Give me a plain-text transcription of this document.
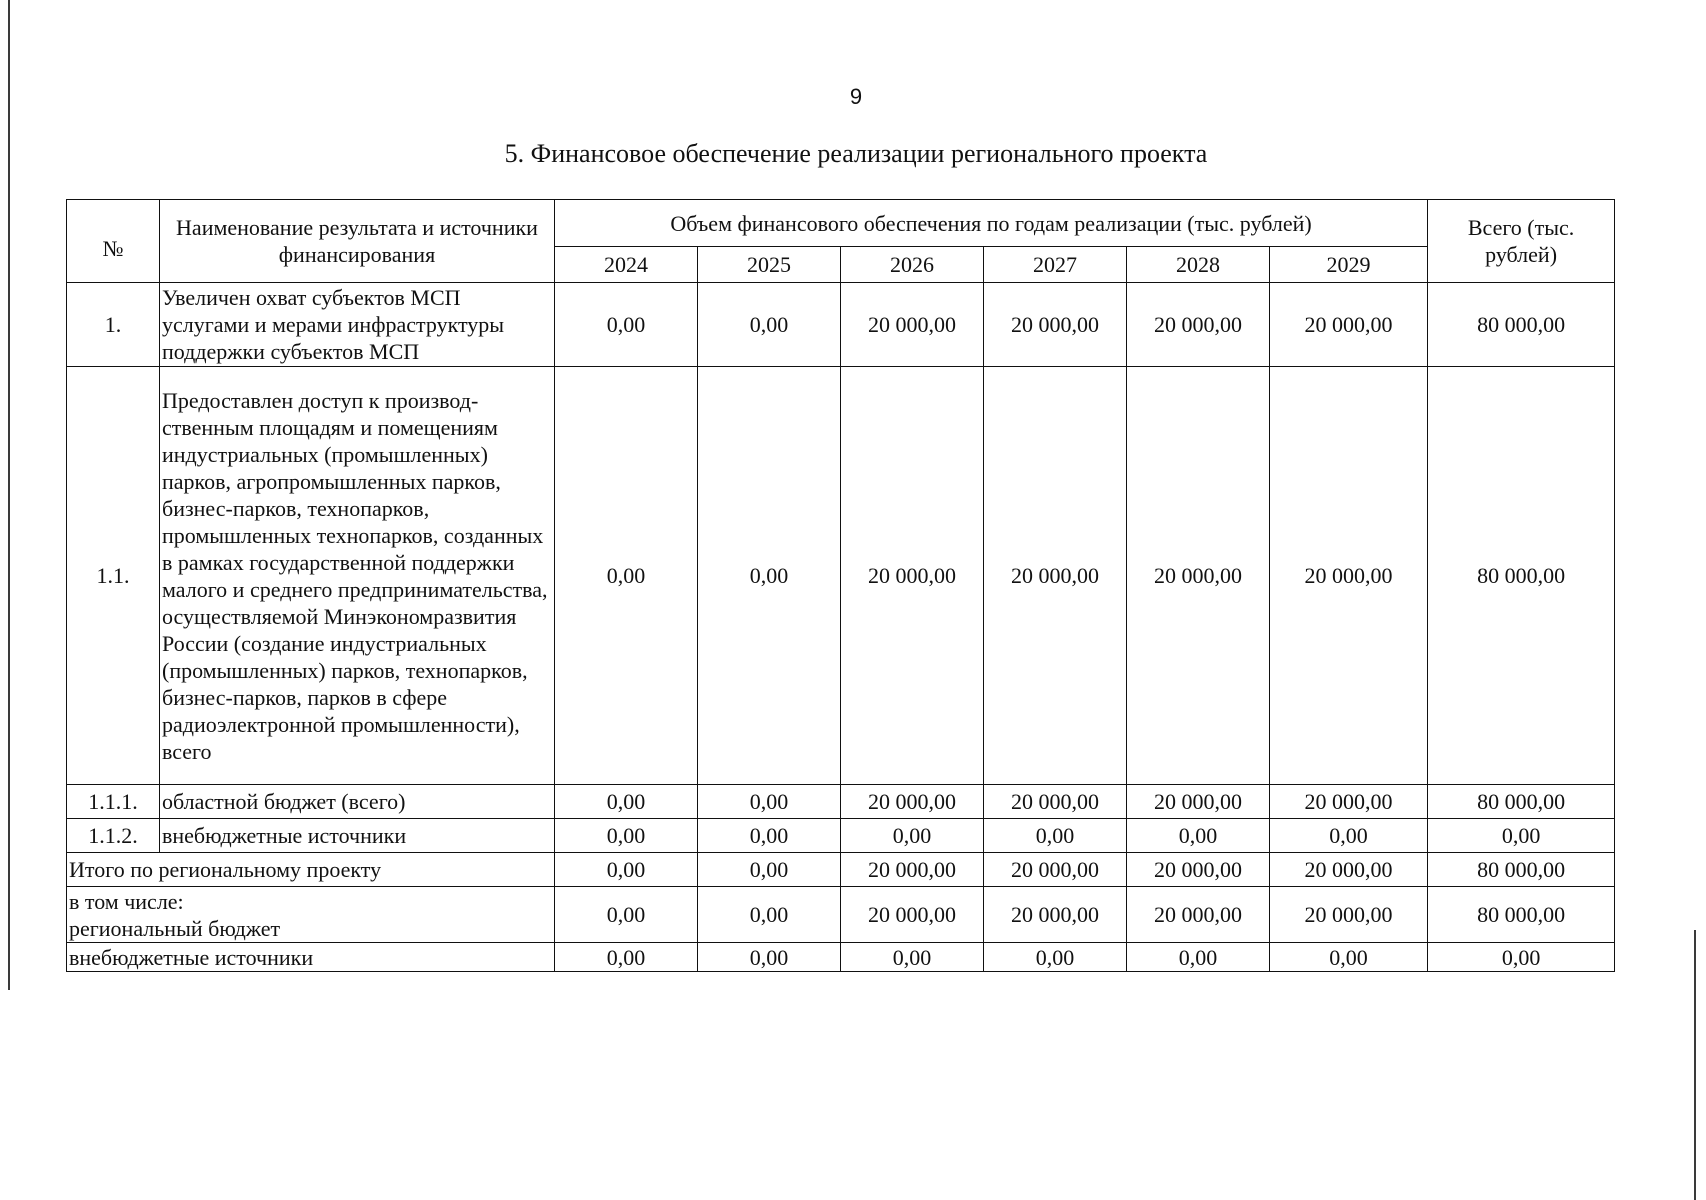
9
5. Финансовое обеспечение реализации регионального проекта
№	Наименование результата и источники финансирования	Объем финансового обеспечения по годам реализации (тыс. рублей)						Всего (тыс. рублей)
		2024	2025	2026	2027	2028	2029	
1.	Увеличен охват субъектов МСП услугами и мерами инфраструктуры поддержки субъектов МСП	0,00	0,00	20 000,00	20 000,00	20 000,00	20 000,00	80 000,00
1.1.	Предоставлен доступ к производ-ственным площадям и помещениям индустриальных (промышленных) парков, агропромышленных парков, бизнес-парков, технопарков, промышленных технопарков, созданных в рамках государственной поддержки малого и среднего предпринимательства, осуществляемой Минэкономразвития России (создание индустриальных (промышленных) парков, технопарков, бизнес-парков, парков в сфере радиоэлектронной промышленности), всего	0,00	0,00	20 000,00	20 000,00	20 000,00	20 000,00	80 000,00
1.1.1.	областной бюджет (всего)	0,00	0,00	20 000,00	20 000,00	20 000,00	20 000,00	80 000,00
1.1.2.	внебюджетные источники	0,00	0,00	0,00	0,00	0,00	0,00	0,00
Итого по региональному проекту		0,00	0,00	20 000,00	20 000,00	20 000,00	20 000,00	80 000,00
в том числе:
региональный бюджет		0,00	0,00	20 000,00	20 000,00	20 000,00	20 000,00	80 000,00
внебюджетные источники		0,00	0,00	0,00	0,00	0,00	0,00	0,00
